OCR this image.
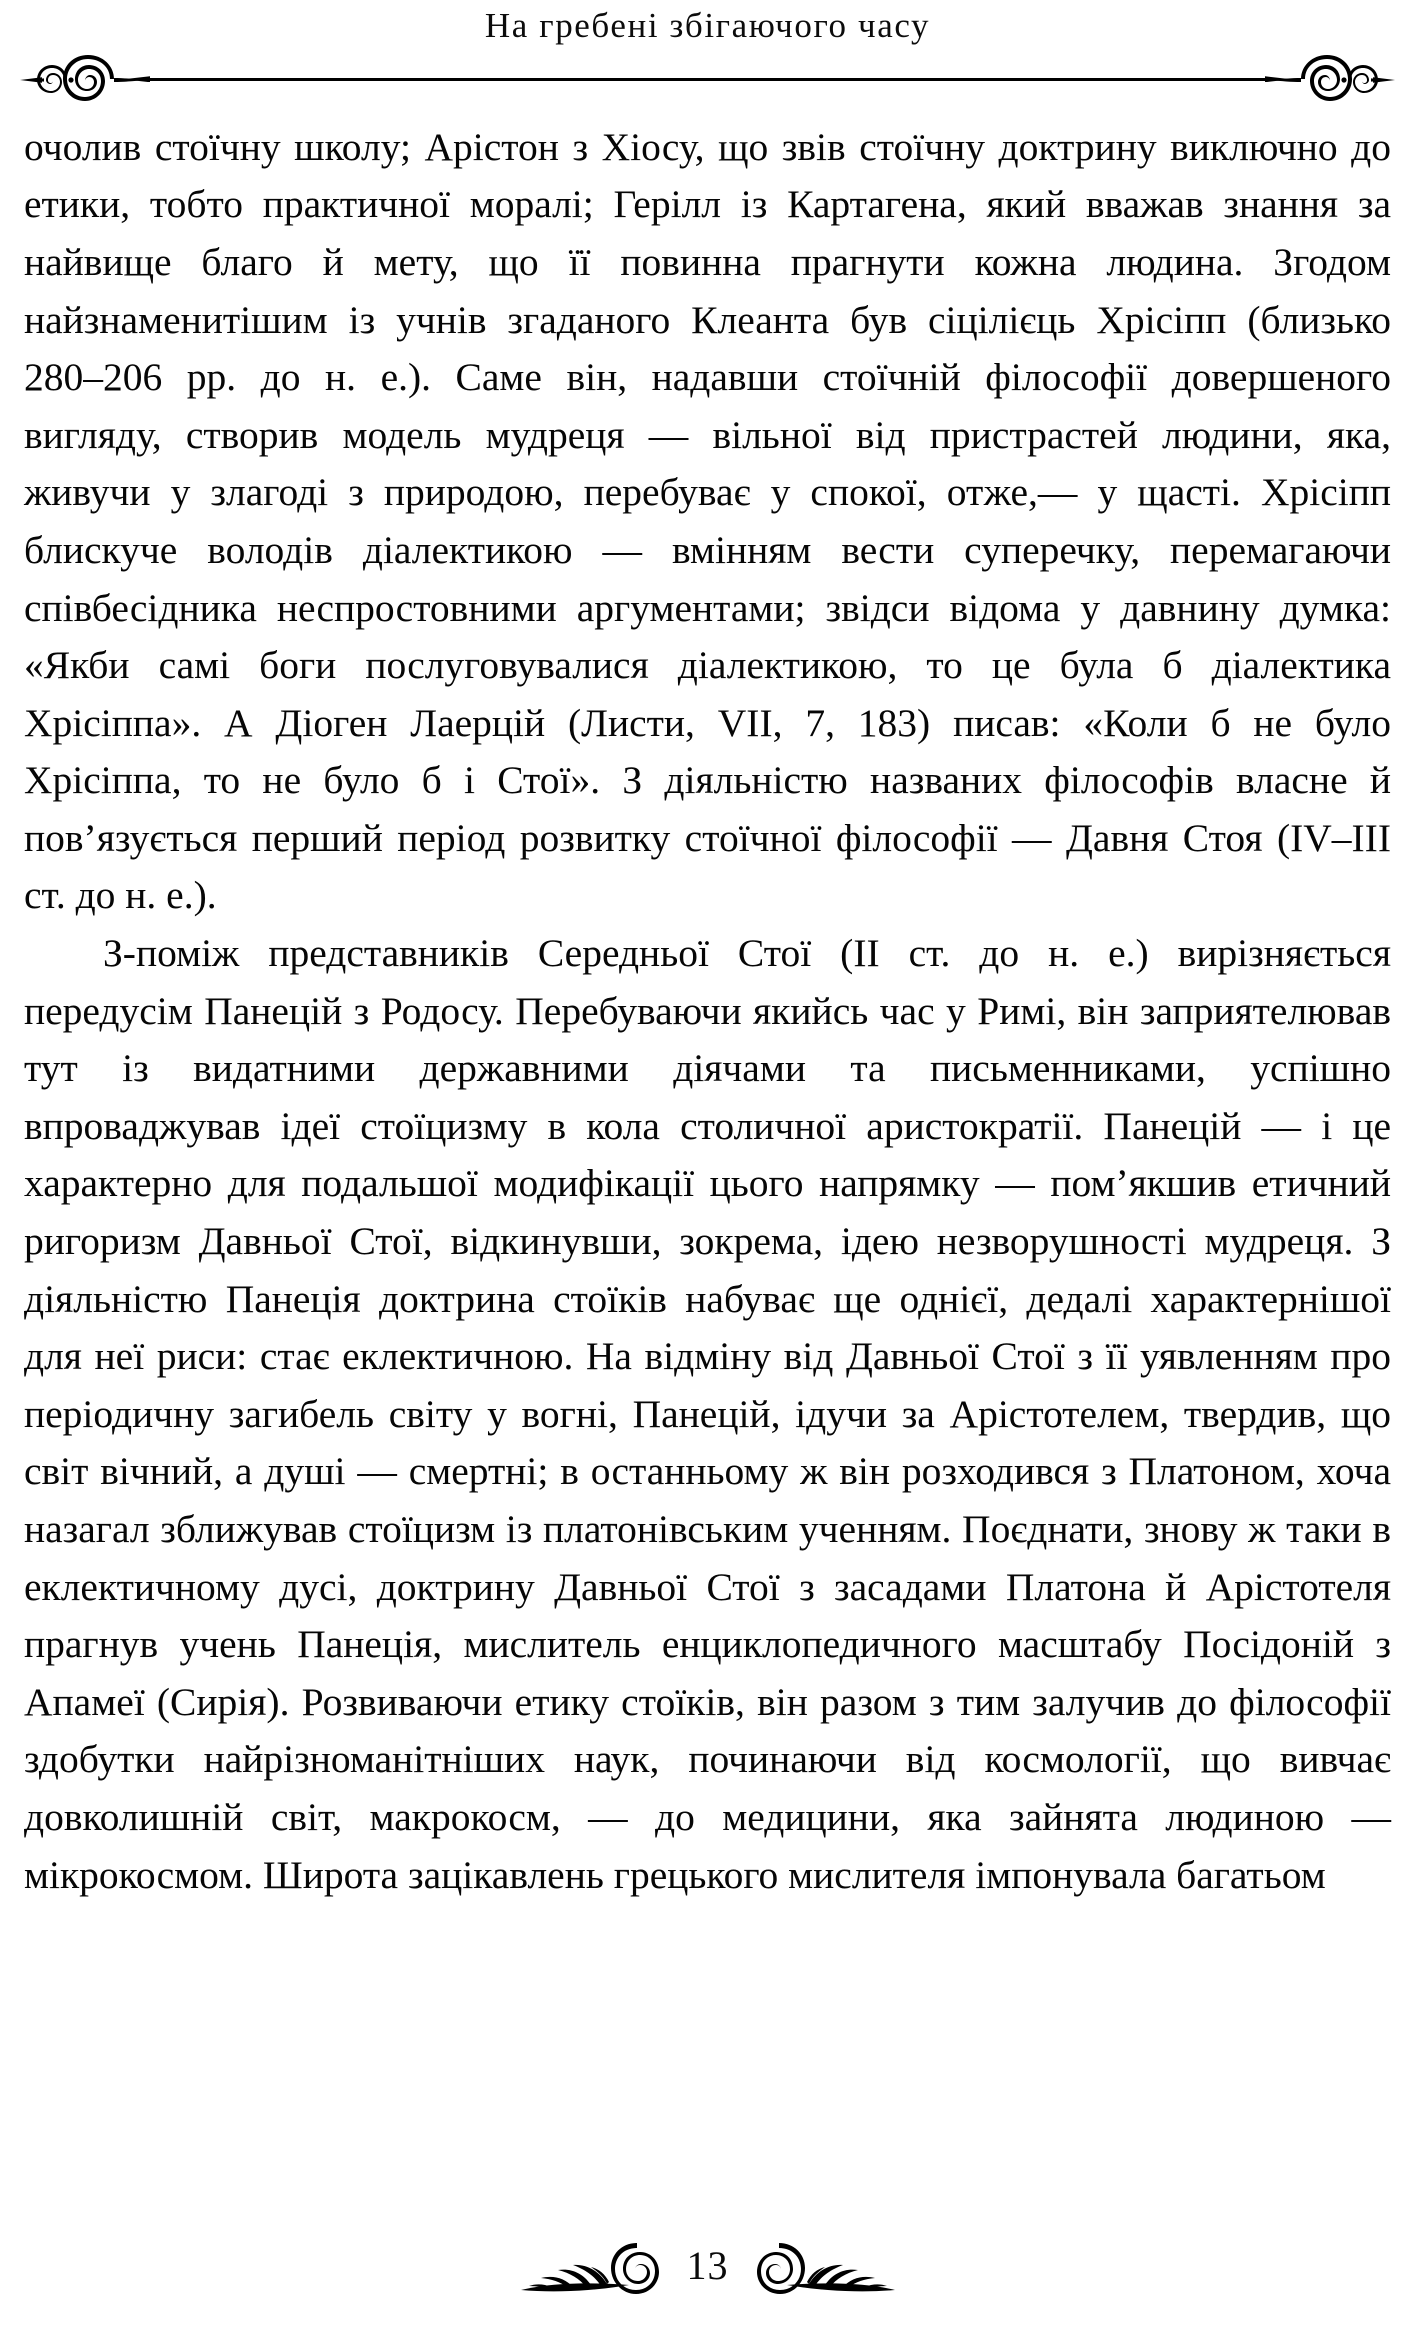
На гребені збігаючого часу

очолив стоїчну школу; Арістон з Хіосу, що звів стоїчну доктрину виключно до етики, тобто практичної моралі; Герілл із Картагена, який вважав знання за найвище благо й мету, що її повинна прагнути кожна людина. Згодом найзнаменитішим із учнів згаданого Клеанта був сіцілієць Хрісіпп (близько 280–206 рр. до н. е.). Саме він, надавши стоїчній філософії довершеного вигляду, створив модель мудреця — вільної від пристрастей людини, яка, живучи у злагоді з природою, перебуває у спокої, отже,— у щасті. Хрісіпп блискуче володів діалектикою — вмінням вести суперечку, перемагаючи співбесідника неспростовними аргументами; звідси відома у давнину думка: «Якби самі боги послуговувалися діалектикою, то це була б діалектика Хрісіппа». А Діоген Лаерцій (Листи, VII, 7, 183) писав: «Коли б не було Хрісіппа, то не було б і Стої». З діяльністю названих філософів власне й пов’язується перший період розвитку стоїчної філософії — Давня Стоя (IV–III ст. до н. е.).

З-поміж представників Середньої Стої (II ст. до н. е.) вирізняється передусім Панецій з Родосу. Перебуваючи якийсь час у Римі, він заприятелював тут із видатними державними діячами та письменниками, успішно впроваджував ідеї стоїцизму в кола столичної аристократії. Панецій — і це характерно для подальшої модифікації цього напрямку — пом’якшив етичний ригоризм Давньої Стої, відкинувши, зокрема, ідею незворушності мудреця. З діяльністю Панеція доктрина стоїків набуває ще однієї, дедалі характернішої для неї риси: стає еклектичною. На відміну від Давньої Стої з її уявленням про періодичну загибель світу у вогні, Панецій, ідучи за Арістотелем, твердив, що світ вічний, а душі — смертні; в останньому ж він розходився з Платоном, хоча назагал зближував стоїцизм із платонівським ученням. Поєднати, знову ж таки в еклектичному дусі, доктрину Давньої Стої з засадами Платона й Арістотеля прагнув учень Панеція, мислитель енциклопедичного масштабу Посідоній з Апамеї (Сирія). Розвиваючи етику стоїків, він разом з тим залучив до філософії здобутки найрізноманітніших наук, починаючи від космології, що вивчає довколишній світ, макрокосм, — до медицини, яка зайнята людиною — мікрокосмом. Широта зацікавлень грецького мислителя імпонувала багатьом

13
